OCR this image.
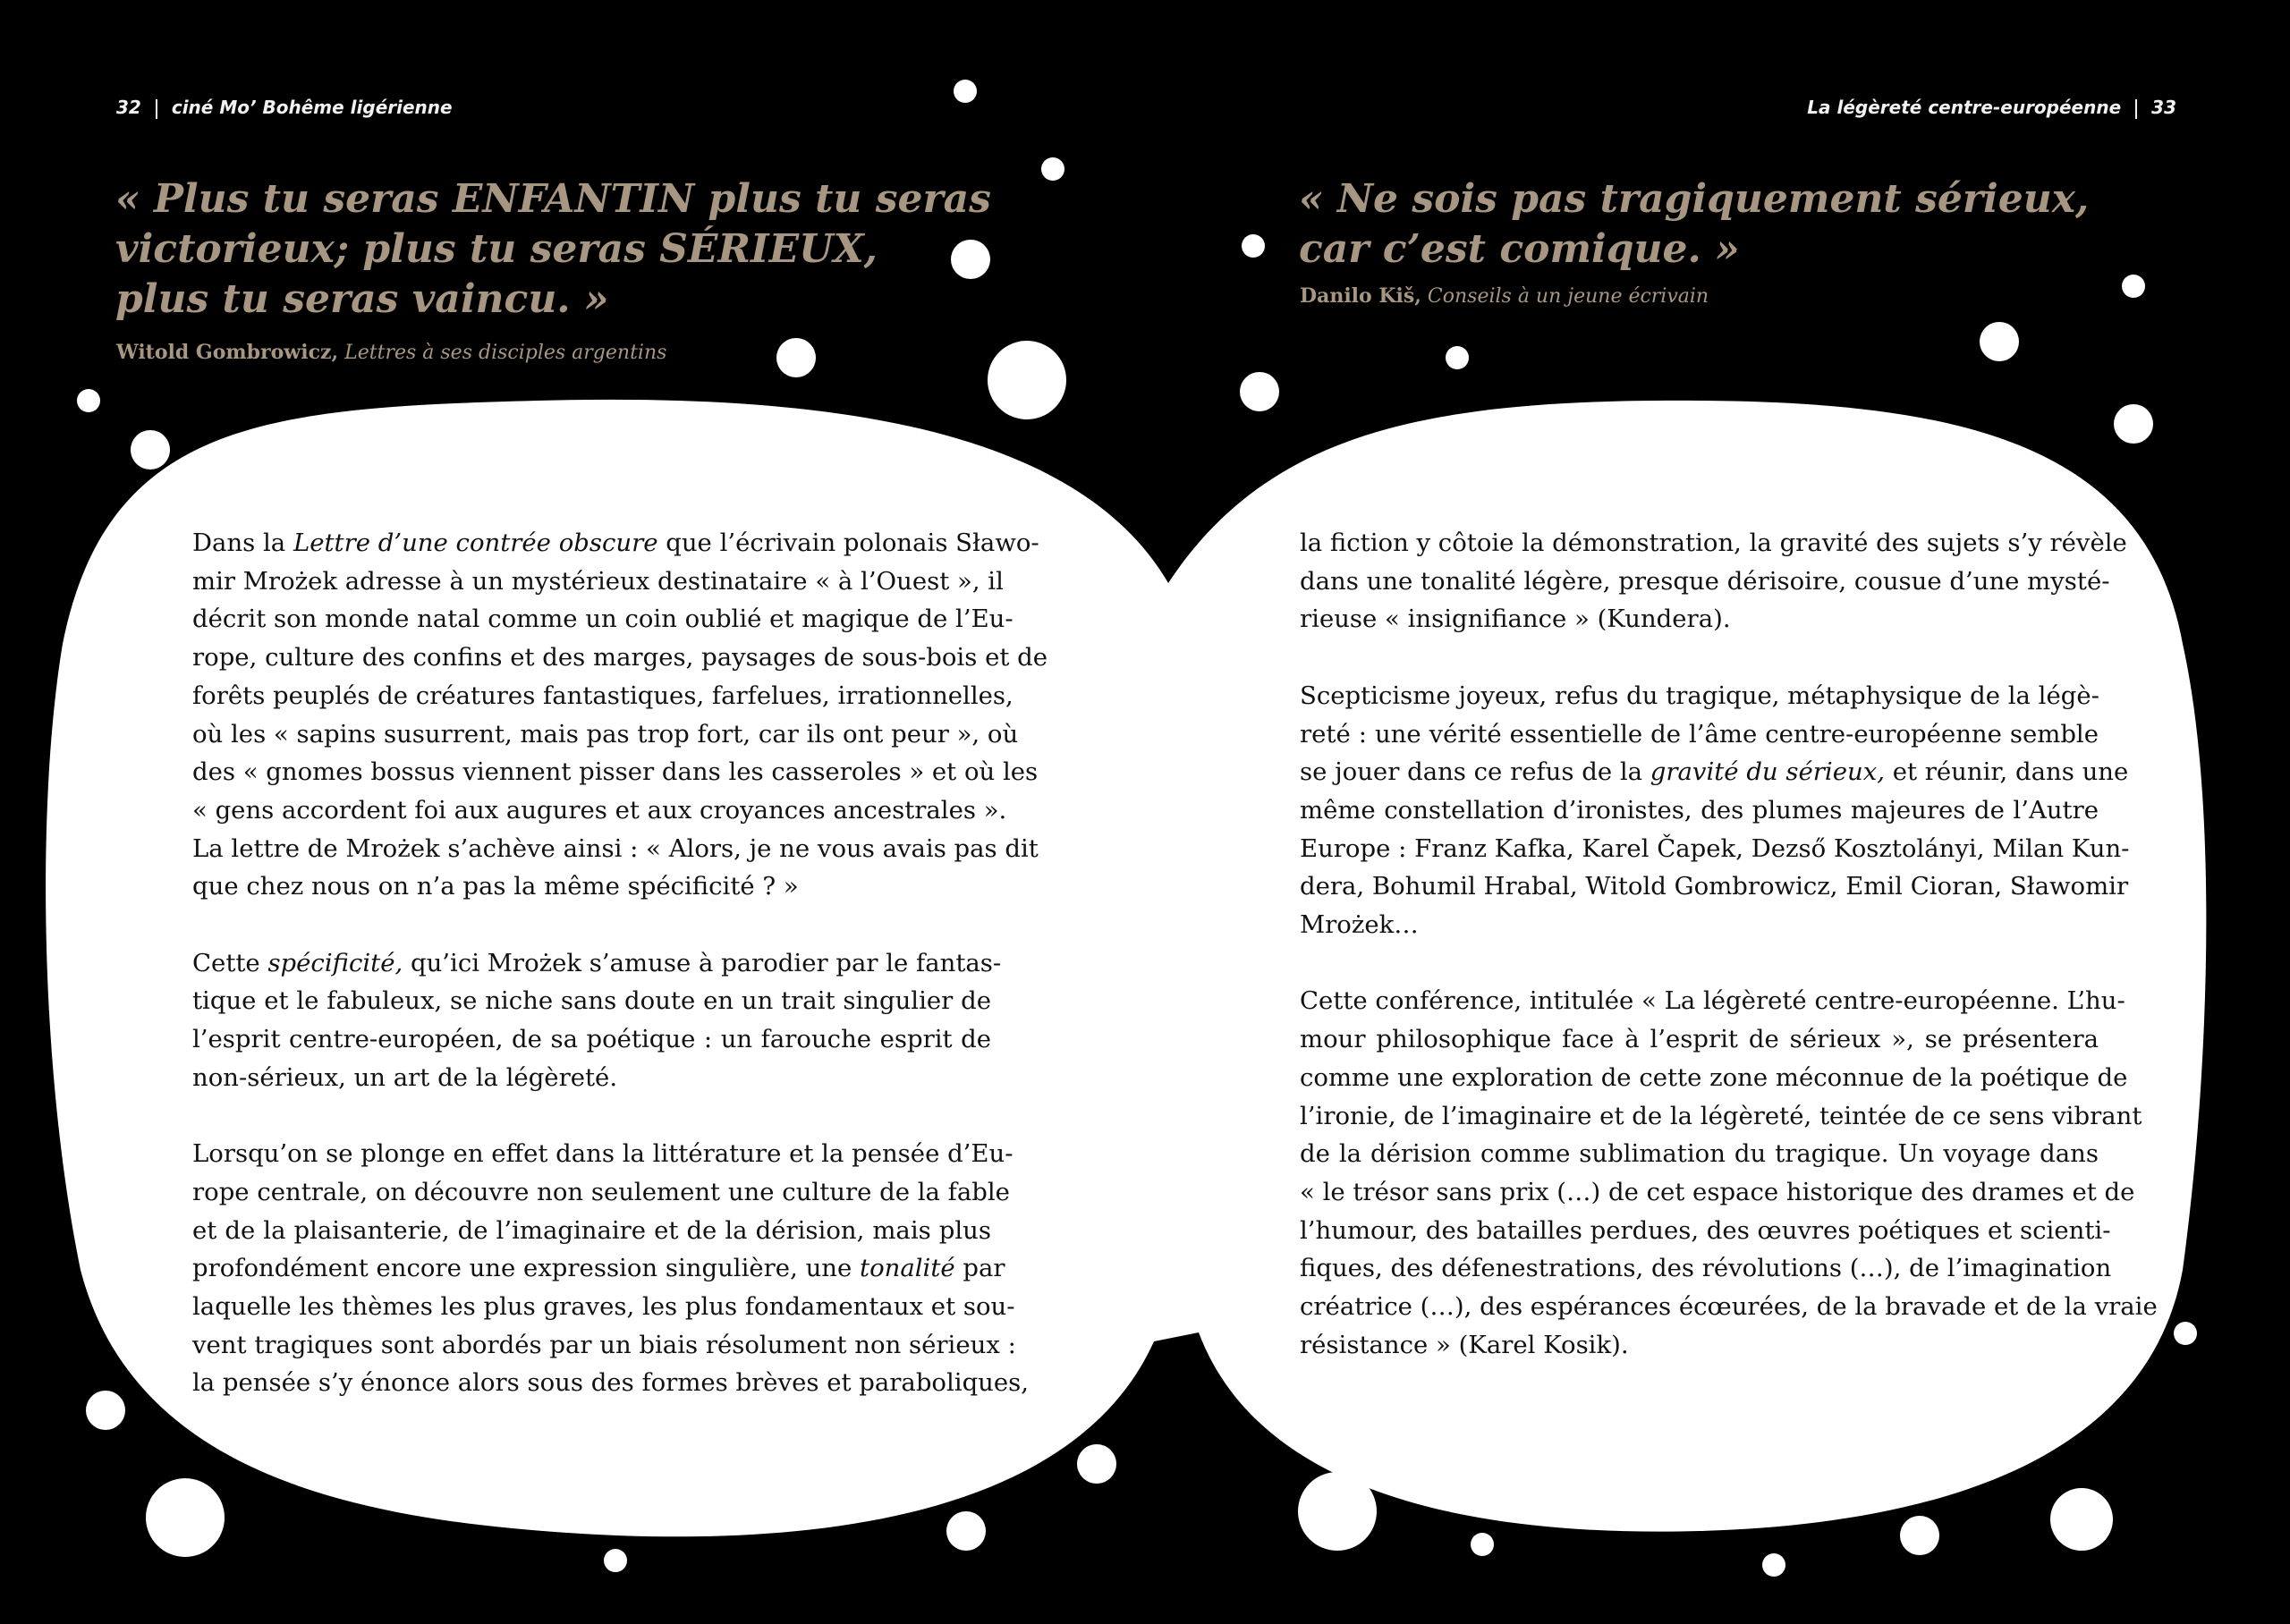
32 ciné Mo’ Bohême ligérienne	La légèreté centre-européenne 33
« Plus tu seras ENFANTIN plus tu seras
victorieux; plus tu seras SÉRIEUX,
plus tu seras vaincu. »
Witold Gombrowicz, Lettres à ses disciples argentins
« Ne sois pas tragiquement sérieux,
car c’est comique. »
Danilo Kiš, Conseils à un jeune écrivain

Dans la Lettre d’une contrée obscure que l’écrivain polonais Sławo-
mir Mrożek adresse à un mystérieux destinataire « à l’Ouest », il
décrit son monde natal comme un coin oublié et magique de l’Eu-
rope, culture des confins et des marges, paysages de sous-bois et de
forêts peuplés de créatures fantastiques, farfelues, irrationnelles,
où les « sapins susurrent, mais pas trop fort, car ils ont peur », où
des « gnomes bossus viennent pisser dans les casseroles » et où les
« gens accordent foi aux augures et aux croyances ancestrales ».
La lettre de Mrożek s’achève ainsi : « Alors, je ne vous avais pas dit
que chez nous on n’a pas la même spécificité ? »

Cette spécificité, qu’ici Mrożek s’amuse à parodier par le fantas-
tique et le fabuleux, se niche sans doute en un trait singulier de
l’esprit centre-européen, de sa poétique : un farouche esprit de
non-sérieux, un art de la légèreté.

Lorsqu’on se plonge en effet dans la littérature et la pensée d’Eu-
rope centrale, on découvre non seulement une culture de la fable
et de la plaisanterie, de l’imaginaire et de la dérision, mais plus
profondément encore une expression singulière, une tonalité par
laquelle les thèmes les plus graves, les plus fondamentaux et sou-
vent tragiques sont abordés par un biais résolument non sérieux :
la pensée s’y énonce alors sous des formes brèves et paraboliques,

la fiction y côtoie la démonstration, la gravité des sujets s’y révèle
dans une tonalité légère, presque dérisoire, cousue d’une mysté-
rieuse « insignifiance » (Kundera).

Scepticisme joyeux, refus du tragique, métaphysique de la légè-
reté : une vérité essentielle de l’âme centre-européenne semble
se jouer dans ce refus de la gravité du sérieux, et réunir, dans une
même constellation d’ironistes, des plumes majeures de l’Autre
Europe : Franz Kafka, Karel Čapek, Dezső Kosztolányi, Milan Kun-
dera, Bohumil Hrabal, Witold Gombrowicz, Emil Cioran, Sławomir
Mrożek…

Cette conférence, intitulée « La légèreté centre-européenne. L’hu-
mour philosophique face à l’esprit de sérieux », se présentera
comme une exploration de cette zone méconnue de la poétique de
l’ironie, de l’imaginaire et de la légèreté, teintée de ce sens vibrant
de la dérision comme sublimation du tragique. Un voyage dans
« le trésor sans prix (…) de cet espace historique des drames et de
l’humour, des batailles perdues, des œuvres poétiques et scienti-
fiques, des défenestrations, des révolutions (…), de l’imagination
créatrice (…), des espérances écœurées, de la bravade et de la vraie
résistance » (Karel Kosik).
